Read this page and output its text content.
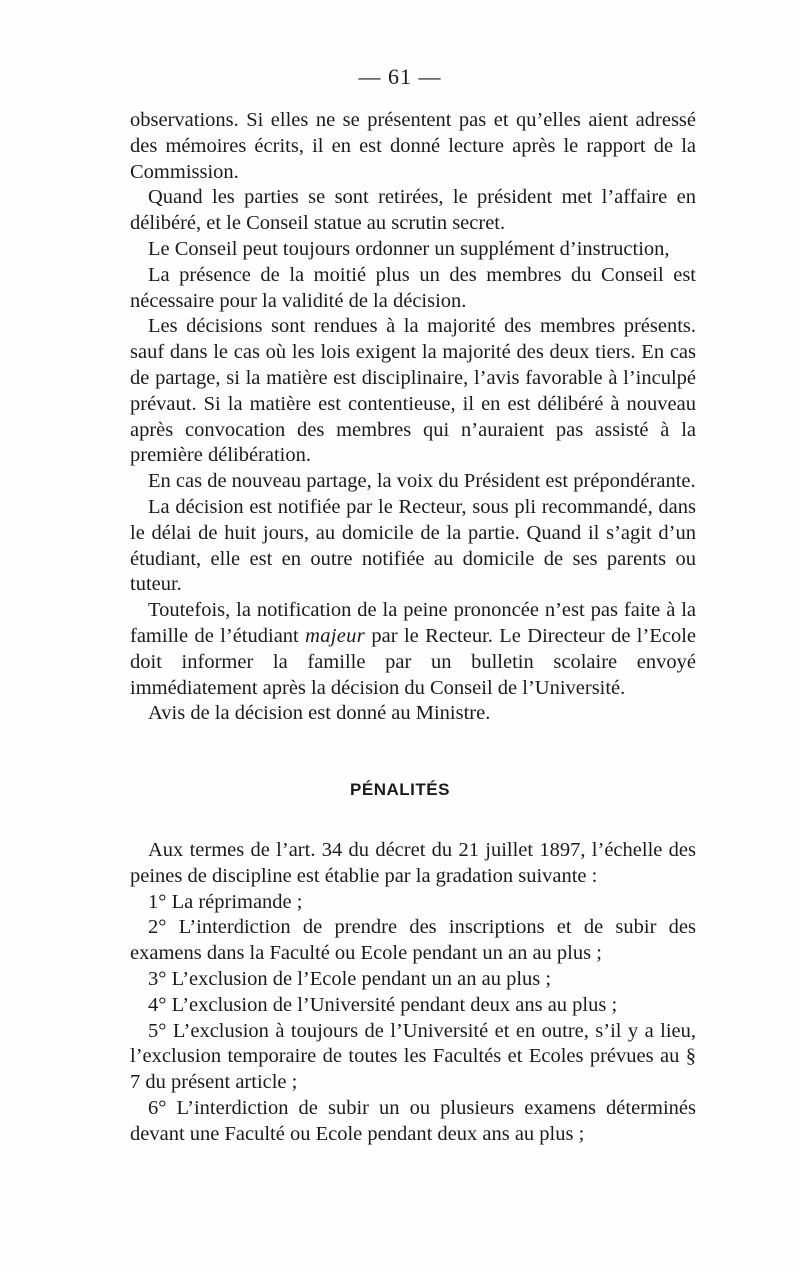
— 61 —

observations. Si elles ne se présentent pas et qu’elles aient adressé des mémoires écrits, il en est donné lecture après le rapport de la Commission.

Quand les parties se sont retirées, le président met l’affaire en délibéré, et le Conseil statue au scrutin secret.

Le Conseil peut toujours ordonner un supplément d’instruction,

La présence de la moitié plus un des membres du Conseil est nécessaire pour la validité de la décision.

Les décisions sont rendues à la majorité des membres présents. sauf dans le cas où les lois exigent la majorité des deux tiers. En cas de partage, si la matière est disciplinaire, l’avis favorable à l’inculpé prévaut. Si la matière est contentieuse, il en est délibéré à nouveau après convocation des membres qui n’auraient pas assisté à la première délibération.

En cas de nouveau partage, la voix du Président est prépondérante.

La décision est notifiée par le Recteur, sous pli recommandé, dans le délai de huit jours, au domicile de la partie. Quand il s’agit d’un étudiant, elle est en outre notifiée au domicile de ses parents ou tuteur.

Toutefois, la notification de la peine prononcée n’est pas faite à la famille de l’étudiant majeur par le Recteur. Le Directeur de l’Ecole doit informer la famille par un bulletin scolaire envoyé immédiatement après la décision du Conseil de l’Université.

Avis de la décision est donné au Ministre.

PÉNALITÉS

Aux termes de l’art. 34 du décret du 21 juillet 1897, l’échelle des peines de discipline est établie par la gradation suivante :

1° La réprimande ;

2° L’interdiction de prendre des inscriptions et de subir des examens dans la Faculté ou Ecole pendant un an au plus ;

3° L’exclusion de l’Ecole pendant un an au plus ;

4° L’exclusion de l’Université pendant deux ans au plus ;

5° L’exclusion à toujours de l’Université et en outre, s’il y a lieu, l’exclusion temporaire de toutes les Facultés et Ecoles prévues au § 7 du présent article ;

6° L’interdiction de subir un ou plusieurs examens déterminés devant une Faculté ou Ecole pendant deux ans au plus ;
